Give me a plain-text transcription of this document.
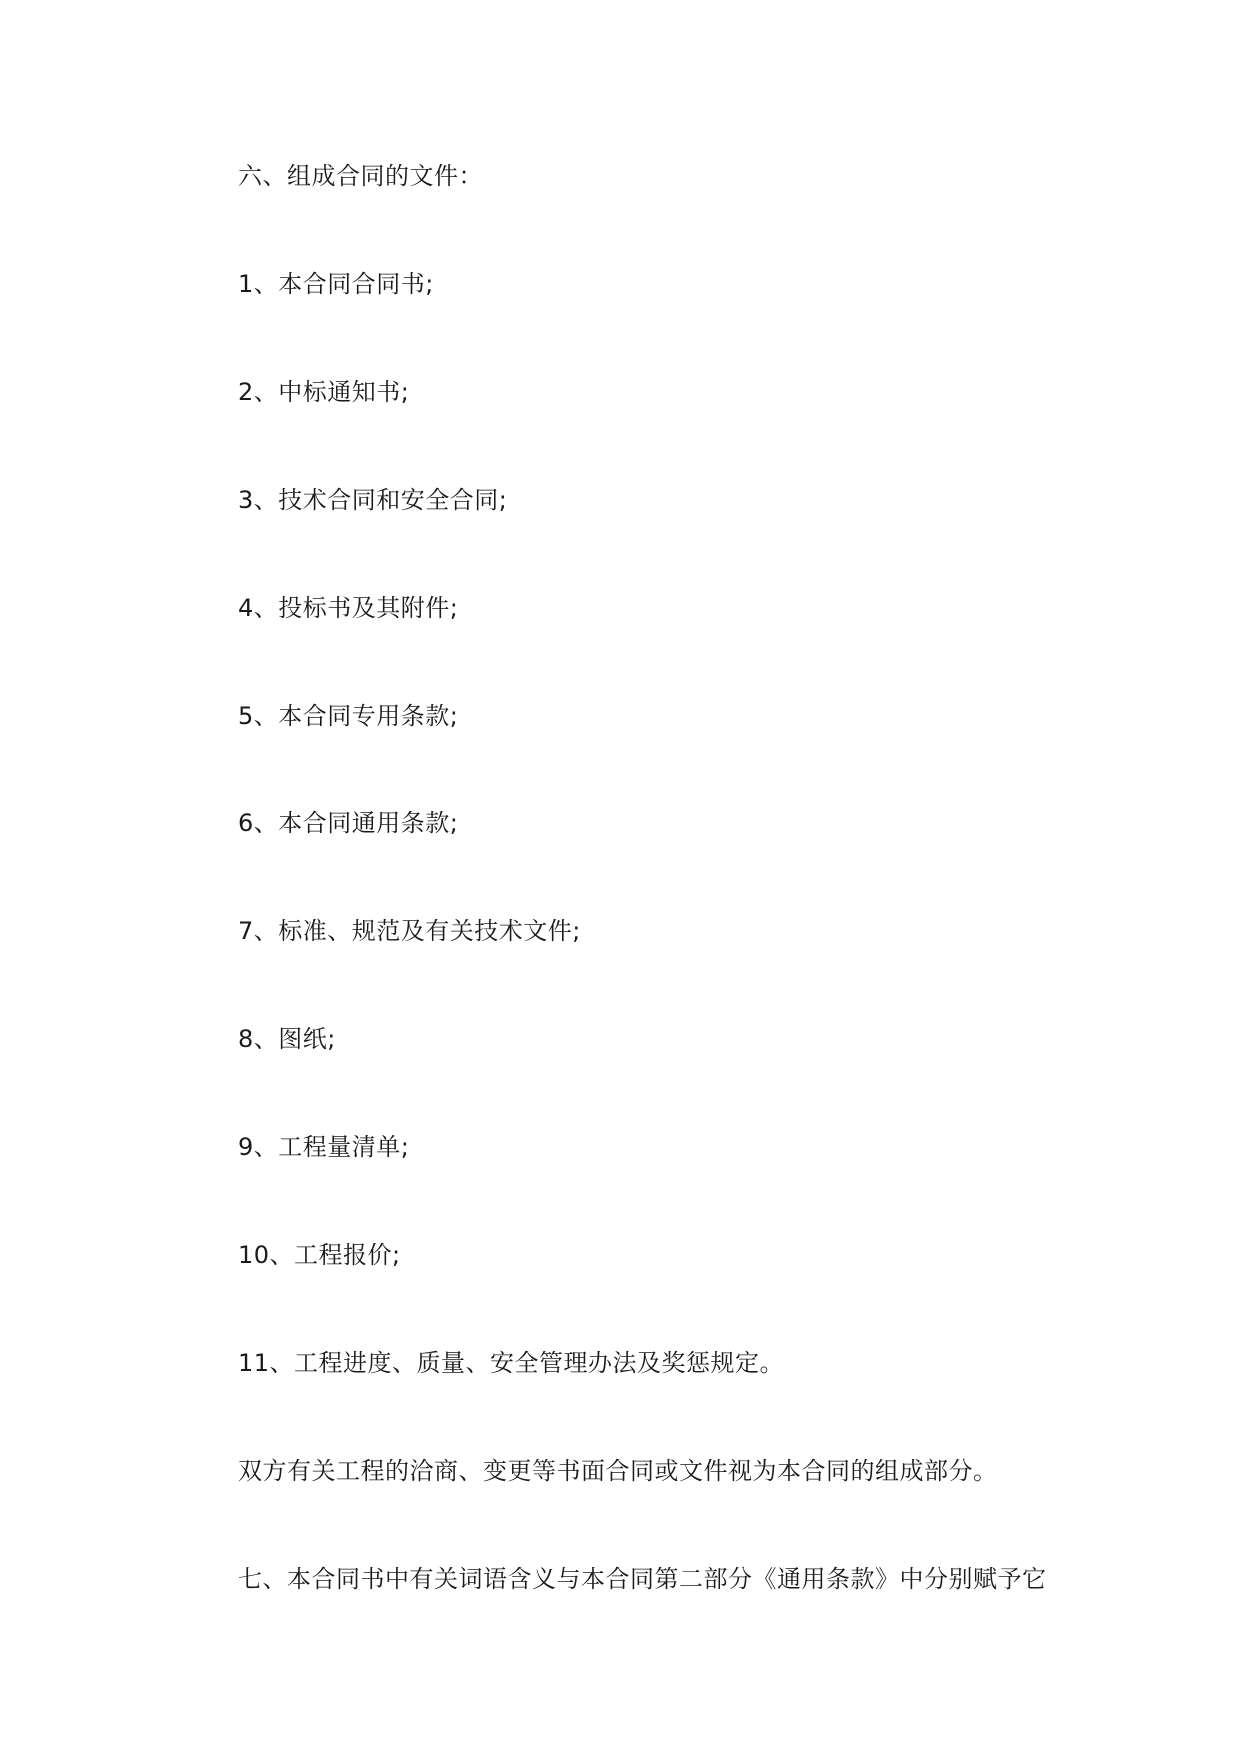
六、组成合同的文件：
1、本合同合同书;
2、中标通知书;
3、技术合同和安全合同;
4、投标书及其附件;
5、本合同专用条款;
6、本合同通用条款;
7、标准、规范及有关技术文件;
8、图纸;
9、工程量清单;
10、工程报价;
11、工程进度、质量、安全管理办法及奖惩规定。
双方有关工程的洽商、变更等书面合同或文件视为本合同的组成部分。
七、本合同书中有关词语含义与本合同第二部分《通用条款》中分别赋予它
